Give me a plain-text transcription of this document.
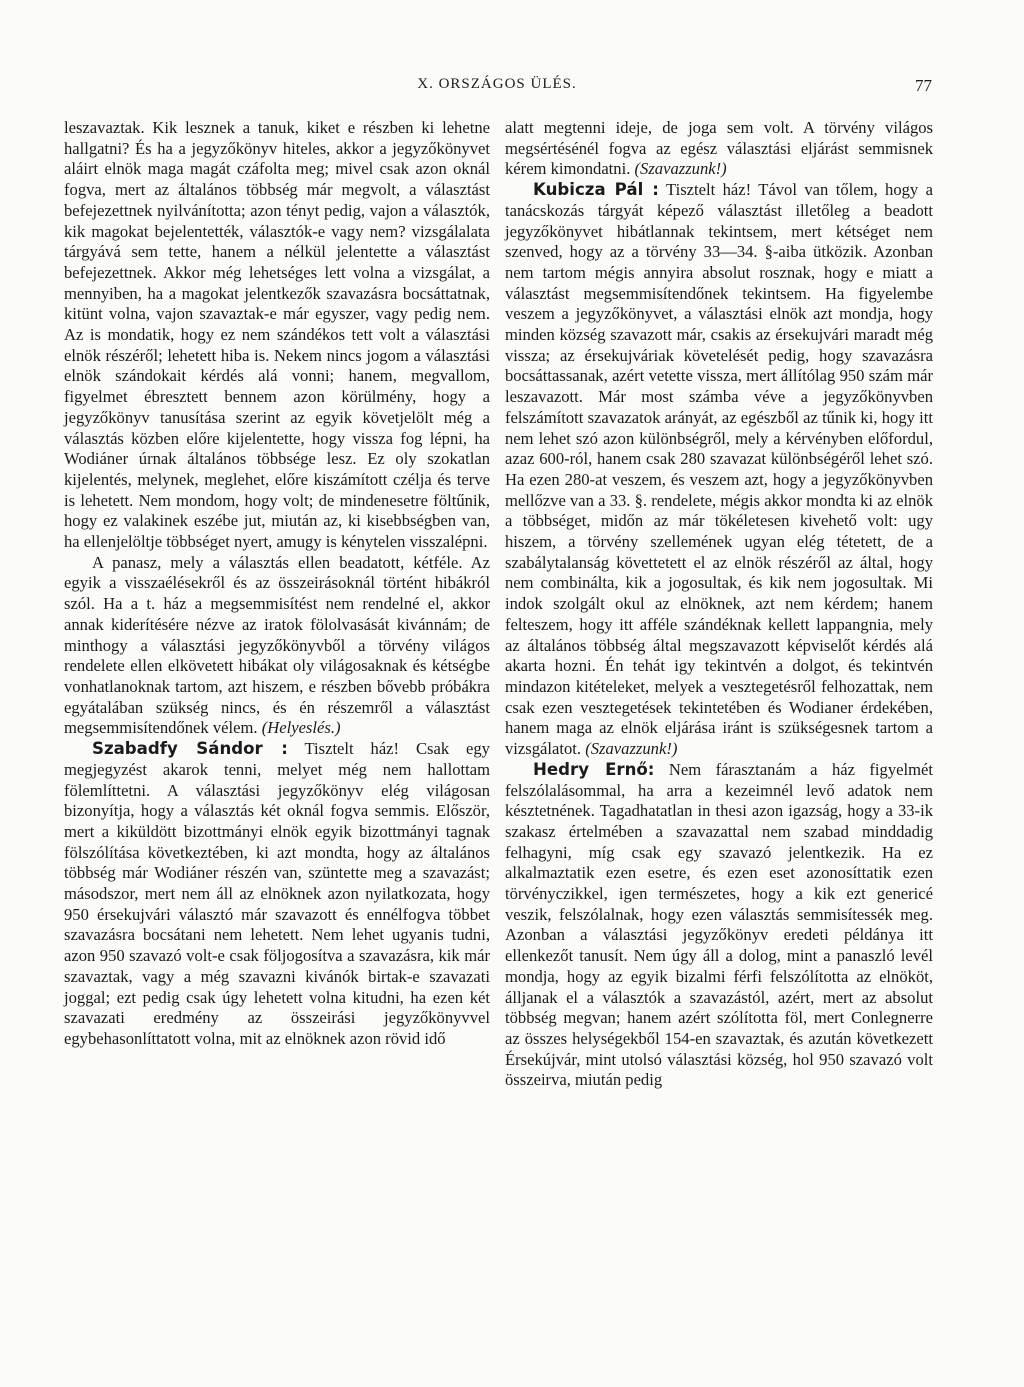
X. ORSZÁGOS ÜLÉS.	77

leszavaztak. Kik lesznek a tanuk, kiket e részben ki lehetne hallgatni? És ha a jegyzőkönyv hiteles, akkor a jegyzőkönyvet aláirt elnök maga magát czáfolta meg; mivel csak azon oknál fogva, mert az általános többség már megvolt, a választást befejezettnek nyilvánította; azon tényt pedig, vajon a választók, kik magokat bejelentették, választók-e vagy nem? vizsgálalata tárgyává sem tette, hanem a nélkül jelentette a választást befejezettnek. Akkor még lehetséges lett volna a vizsgálat, a mennyiben, ha a magokat jelentkezők szavazásra bocsáttatnak, kitünt volna, vajon szavaztak-e már egyszer, vagy pedig nem. Az is mondatik, hogy ez nem szándékos tett volt a választási elnök részéről; lehetett hiba is. Nekem nincs jogom a választási elnök szándokait kérdés alá vonni; hanem, megvallom, figyelmet ébresztett bennem azon körülmény, hogy a jegyzőkönyv tanusítása szerint az egyik követjelölt még a választás közben előre kijelentette, hogy vissza fog lépni, ha Wodiáner úrnak általános többsége lesz. Ez oly szokatlan kijelentés, melynek, meglehet, előre kiszámított czélja és terve is lehetett. Nem mondom, hogy volt; de mindenesetre föltűnik, hogy ez valakinek eszébe jut, miután az, ki kisebbségben van, ha ellenjelöltje többséget nyert, amugy is kénytelen visszalépni.

A panasz, mely a választás ellen beadatott, kétféle. Az egyik a visszaélésekről és az összeirásoknál történt hibákról szól. Ha a t. ház a megsemmisítést nem rendelné el, akkor annak kiderítésére nézve az iratok fölolvasását kivánnám; de minthogy a választási jegyzőkönyvből a törvény világos rendelete ellen elkövetett hibákat oly világosaknak és kétségbe vonhatlanoknak tartom, azt hiszem, e részben bővebb próbákra egyátalában szükség nincs, és én részemről a választást megsemmisítendőnek vélem. (Helyeslés.)

Szabadfy Sándor : Tisztelt ház! Csak egy megjegyzést akarok tenni, melyet még nem hallottam fölemlíttetni. A választási jegyzőkönyv elég világosan bizonyítja, hogy a választás két oknál fogva semmis. Először, mert a kiküldött bizottmányi elnök egyik bizottmányi tagnak fölszólítása következtében, ki azt mondta, hogy az általános többség már Wodiáner részén van, szüntette meg a szavazást; másodszor, mert nem áll az elnöknek azon nyilatkozata, hogy 950 érsekujvári választó már szavazott és ennélfogva többet szavazásra bocsátani nem lehetett. Nem lehet ugyanis tudni, azon 950 szavazó volt-e csak följogosítva a szavazásra, kik már szavaztak, vagy a még szavazni kivánók birtak-e szavazati joggal; ezt pedig csak úgy lehetett volna kitudni, ha ezen két szavazati eredmény az összeirási jegyzőkönyvvel egybehasonlíttatott volna, mit az elnöknek azon rövid idő

alatt megtenni ideje, de joga sem volt. A törvény világos megsértésénél fogva az egész választási eljárást semmisnek kérem kimondatni. (Szavazzunk!)

Kubicza Pál : Tisztelt ház! Távol van tőlem, hogy a tanácskozás tárgyát képező választást illetőleg a beadott jegyzőkönyvet hibátlannak tekintsem, mert kétséget nem szenved, hogy az a törvény 33—34. §-aiba ütközik. Azonban nem tartom mégis annyira absolut rosznak, hogy e miatt a választást megsemmisítendőnek tekintsem. Ha figyelembe veszem a jegyzőkönyvet, a választási elnök azt mondja, hogy minden község szavazott már, csakis az érsekujvári maradt még vissza; az érsekujváriak követelését pedig, hogy szavazásra bocsáttassanak, azért vetette vissza, mert állítólag 950 szám már leszavazott. Már most számba véve a jegyzőkönyvben felszámított szavazatok arányát, az egészből az tűnik ki, hogy itt nem lehet szó azon különbségről, mely a kérvényben előfordul, azaz 600-ról, hanem csak 280 szavazat különbségéről lehet szó. Ha ezen 280-at veszem, és veszem azt, hogy a jegyzőkönyvben mellőzve van a 33. §. rendelete, mégis akkor mondta ki az elnök a többséget, midőn az már tökéletesen kivehető volt: ugy hiszem, a törvény szellemének ugyan elég tétetett, de a szabálytalanság követtetett el az elnök részéről az által, hogy nem combinálta, kik a jogosultak, és kik nem jogosultak. Mi indok szolgált okul az elnöknek, azt nem kérdem; hanem felteszem, hogy itt afféle szándéknak kellett lappangnia, mely az általános többség által megszavazott képviselőt kérdés alá akarta hozni. Én tehát igy tekintvén a dolgot, és tekintvén mindazon kitételeket, melyek a vesztegetésről felhozattak, nem csak ezen vesztegetések tekintetében és Wodianer érdekében, hanem maga az elnök eljárása iránt is szükségesnek tartom a vizsgálatot. (Szavazzunk!)

Hedry Ernő: Nem fárasztanám a ház figyelmét felszólalásommal, ha arra a kezeimnél levő adatok nem késztetnének. Tagadhatatlan in thesi azon igazság, hogy a 33-ik szakasz értelmében a szavazattal nem szabad minddadig felhagyni, míg csak egy szavazó jelentkezik. Ha ez alkalmaztatik ezen esetre, és ezen eset azonosíttatik ezen törvényczikkel, igen természetes, hogy a kik ezt genericé veszik, felszólalnak, hogy ezen választás semmisítessék meg. Azonban a választási jegyzőkönyv eredeti példánya itt ellenkezőt tanusít. Nem úgy áll a dolog, mint a panaszló levél mondja, hogy az egyik bizalmi férfi felszólította az elnököt, álljanak el a választók a szavazástól, azért, mert az absolut többség megvan; hanem azért szólította föl, mert Conlegnerre az összes helységekből 154-en szavaztak, és azután következett Érsekújvár, mint utolsó választási község, hol 950 szavazó volt összeirva, miután pedig
